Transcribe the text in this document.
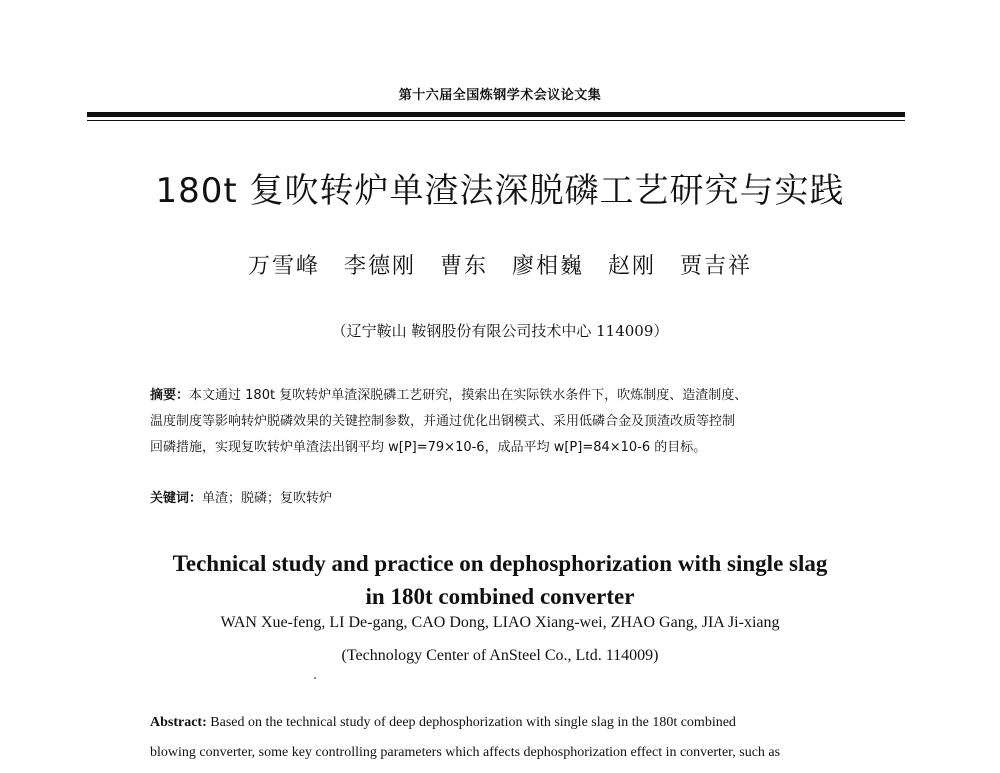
第十六届全国炼钢学术会议论文集
180t 复吹转炉单渣法深脱磷工艺研究与实践
万雪峰　李德刚　曹东　廖相巍　赵刚　贾吉祥
（辽宁鞍山 鞍钢股份有限公司技术中心 114009）
摘要：本文通过 180t 复吹转炉单渣深脱磷工艺研究，摸索出在实际铁水条件下，吹炼制度、造渣制度、
温度制度等影响转炉脱磷效果的关键控制参数，并通过优化出钢模式、采用低磷合金及顶渣改质等控制
回磷措施，实现复吹转炉单渣法出钢平均 w[P]=79×10-6，成品平均 w[P]=84×10-6 的目标。
关键词：单渣；脱磷；复吹转炉
Technical study and practice on dephosphorization with single slag
in 180t combined converter
WAN Xue-feng, LI De-gang, CAO Dong, LIAO Xiang-wei, ZHAO Gang, JIA Ji-xiang
(Technology Center of AnSteel Co., Ltd. 114009)
Abstract: Based on the technical study of deep dephosphorization with single slag in the 180t combined
blowing converter, some key controlling parameters which affects dephosphorization effect in converter, such as
